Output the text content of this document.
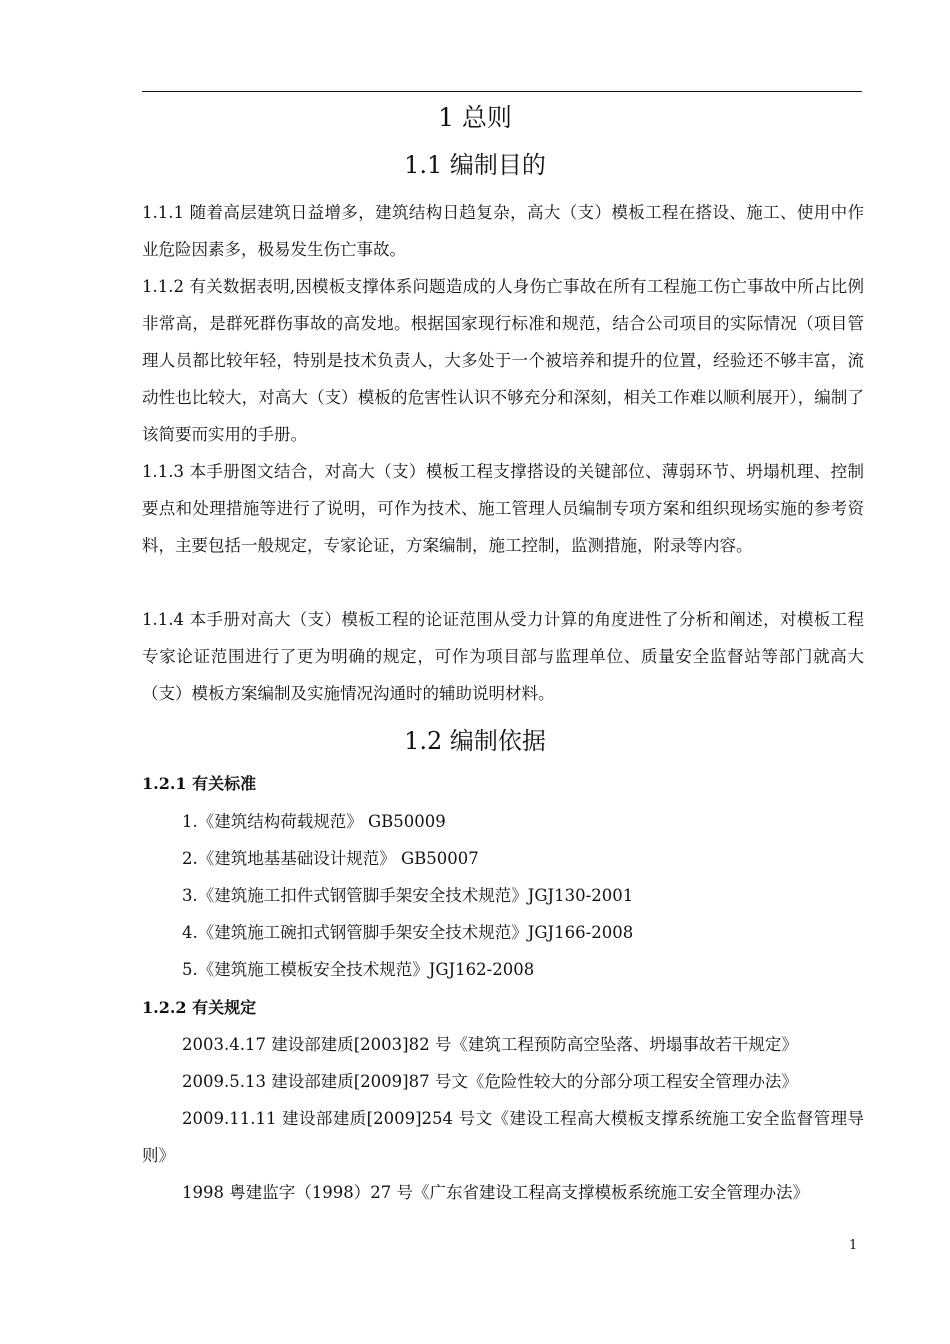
1 总则
1.1 编制目的
1.1.1 随着高层建筑日益增多，建筑结构日趋复杂，高大（支）模板工程在搭设、施工、使用中作业危险因素多，极易发生伤亡事故。
1.1.2 有关数据表明,因模板支撑体系问题造成的人身伤亡事故在所有工程施工伤亡事故中所占比例非常高，是群死群伤事故的高发地。根据国家现行标准和规范，结合公司项目的实际情况（项目管理人员都比较年轻，特别是技术负责人，大多处于一个被培养和提升的位置，经验还不够丰富，流动性也比较大，对高大（支）模板的危害性认识不够充分和深刻，相关工作难以顺利展开），编制了该简要而实用的手册。
1.1.3 本手册图文结合，对高大（支）模板工程支撑搭设的关键部位、薄弱环节、坍塌机理、控制要点和处理措施等进行了说明，可作为技术、施工管理人员编制专项方案和组织现场实施的参考资料，主要包括一般规定，专家论证，方案编制，施工控制，监测措施，附录等内容。
1.1.4 本手册对高大（支）模板工程的论证范围从受力计算的角度进性了分析和阐述，对模板工程专家论证范围进行了更为明确的规定，可作为项目部与监理单位、质量安全监督站等部门就高大（支）模板方案编制及实施情况沟通时的辅助说明材料。
1.2 编制依据
1.2.1 有关标准
1.《建筑结构荷载规范》 GB50009
2.《建筑地基基础设计规范》 GB50007
3.《建筑施工扣件式钢管脚手架安全技术规范》JGJ130-2001
4.《建筑施工碗扣式钢管脚手架安全技术规范》JGJ166-2008
5.《建筑施工模板安全技术规范》JGJ162-2008
1.2.2 有关规定
2003.4.17 建设部建质[2003]82 号《建筑工程预防高空坠落、坍塌事故若干规定》
2009.5.13 建设部建质[2009]87 号文《危险性较大的分部分项工程安全管理办法》
2009.11.11 建设部建质[2009]254 号文《建设工程高大模板支撑系统施工安全监督管理导则》
1998 粤建监字（1998）27 号《广东省建设工程高支撑模板系统施工安全管理办法》
1
